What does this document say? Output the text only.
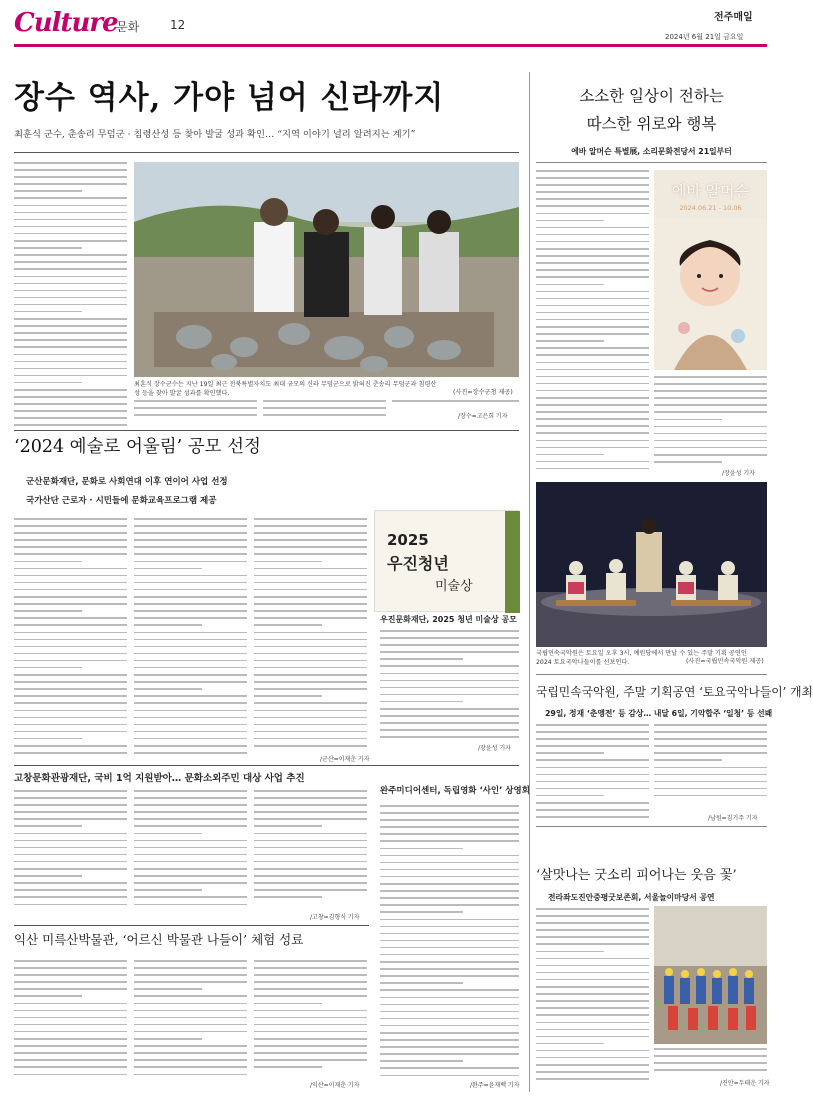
Culture
문화	12
전주매일
2024년 6월 21일 금요일
장수 역사, 가야 넘어 신라까지
최훈식 군수, 춘송리 무덤군 · 침령산성 등 찾아 발굴 성과 확인… “지역 이야기 널리 알려지는 계기”
최훈식 장수군수는 지난 19일 최근 전북특별자치도 최대 규모의 신라 무덤군으로 밝혀진 춘송리 무덤군과 침령산성 등을 찾아 발굴 성과를 확인했다.	(사진=장수군청 제공)
/장수=고은희 기자
소소한 일상이 전하는
따스한 위로와 행복
에바 알머슨 특별展, 소리문화전당서 21일부터
에바 알머슨
2024.06.21 - 10.06
/장윤성 기자
‘2024 예술로 어울림’ 공모 선정
군산문화재단, 문화로 사회연대 이후 연이어 사업 선정
국가산단 근로자 · 시민들에 문화교육프로그램 제공
/군산=이재춘 기자
2025
우진청년
미술상
우진문화재단, 2025 청년 미술상 공모
/장윤성 기자
국립민속국악원은 토요일 오후 3시, 예원당에서 만날 수 있는 주말 기획 공연인 2024 토요국악나들이를 선보인다.	(사진=국립민속국악원 제공)
국립민속국악원, 주말 기획공연 ‘토요국악나들이’ 개최
29일, 정재 ‘춘앵전’ 등 감상… 내달 6일, 기악합주 ‘일청’ 등 선봬
/남원=김기주 기자
고창문화관광재단, 국비 1억 지원받아… 문화소외주민 대상 사업 추진
/고창=김형식 기자
완주미디어센터, 독립영화 ‘사인’ 상영회
/완주=윤재백 기자
익산 미륵산박물관, ‘어르신 박물관 나들이’ 체험 성료
/익산=이재춘 기자
‘살맛나는 굿소리 피어나는 웃음 꽃’
전라좌도진안중평굿보존회, 서울놀이마당서 공연
/진안=두태운 기자
